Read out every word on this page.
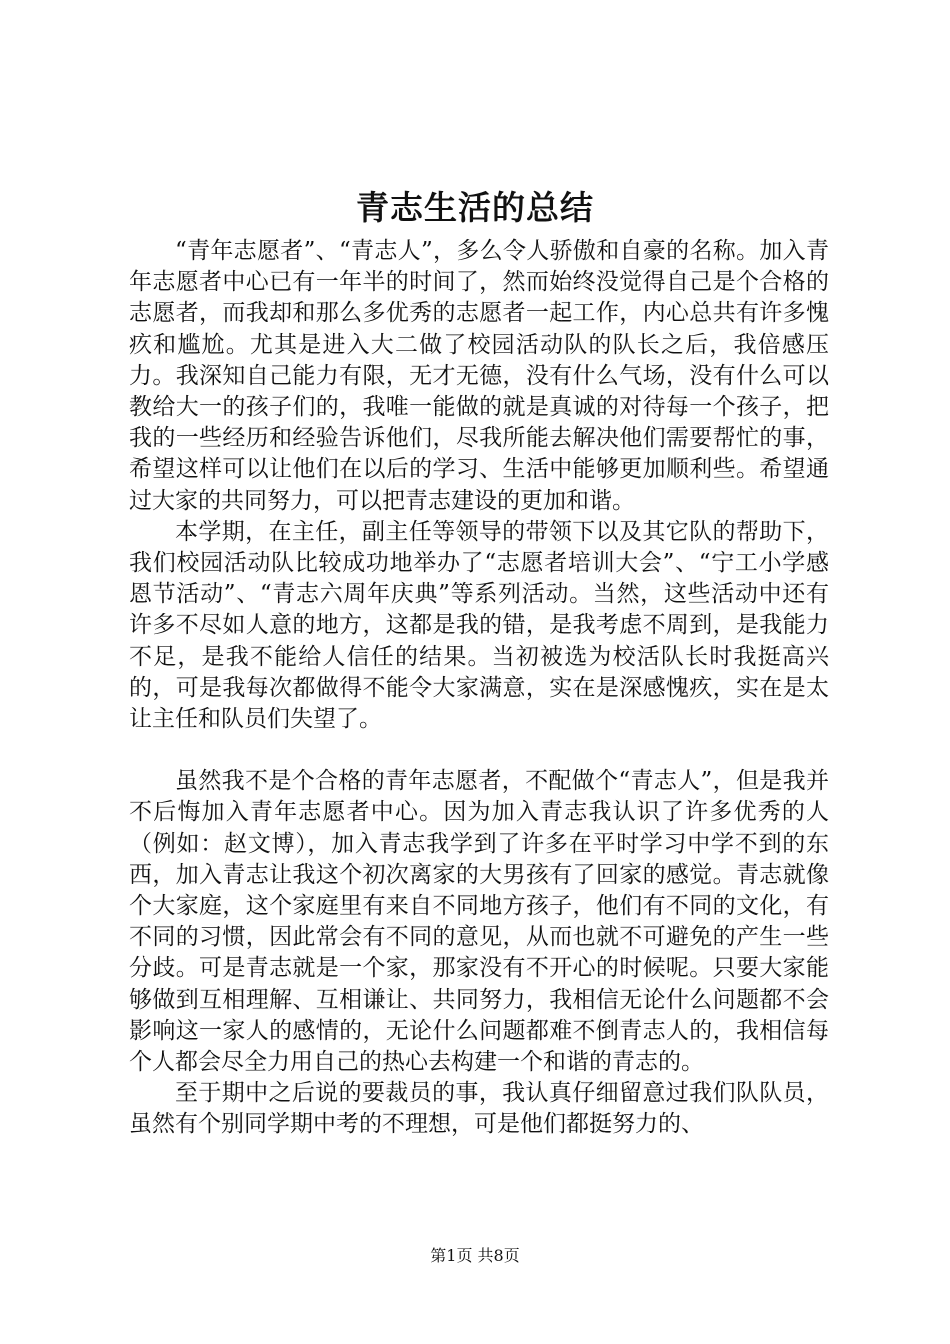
青志生活的总结

“青年志愿者”、“青志人”，多么令人骄傲和自豪的名称。加入青年志愿者中心已有一年半的时间了，然而始终没觉得自己是个合格的志愿者，而我却和那么多优秀的志愿者一起工作，内心总共有许多愧疚和尴尬。尤其是进入大二做了校园活动队的队长之后，我倍感压力。我深知自己能力有限，无才无德，没有什么气场，没有什么可以教给大一的孩子们的，我唯一能做的就是真诚的对待每一个孩子，把我的一些经历和经验告诉他们，尽我所能去解决他们需要帮忙的事，希望这样可以让他们在以后的学习、生活中能够更加顺利些。希望通过大家的共同努力，可以把青志建设的更加和谐。

本学期，在主任，副主任等领导的带领下以及其它队的帮助下，我们校园活动队比较成功地举办了“志愿者培训大会”、“宁工小学感恩节活动”、“青志六周年庆典”等系列活动。当然，这些活动中还有许多不尽如人意的地方，这都是我的错，是我考虑不周到，是我能力不足，是我不能给人信任的结果。当初被选为校活队长时我挺高兴的，可是我每次都做得不能令大家满意，实在是深感愧疚，实在是太让主任和队员们失望了。

虽然我不是个合格的青年志愿者，不配做个“青志人”，但是我并不后悔加入青年志愿者中心。因为加入青志我认识了许多优秀的人（例如：赵文博），加入青志我学到了许多在平时学习中学不到的东西，加入青志让我这个初次离家的大男孩有了回家的感觉。青志就像个大家庭，这个家庭里有来自不同地方孩子，他们有不同的文化，有不同的习惯，因此常会有不同的意见，从而也就不可避免的产生一些分歧。可是青志就是一个家，那家没有不开心的时候呢。只要大家能够做到互相理解、互相谦让、共同努力，我相信无论什么问题都不会影响这一家人的感情的，无论什么问题都难不倒青志人的，我相信每个人都会尽全力用自己的热心去构建一个和谐的青志的。

至于期中之后说的要裁员的事，我认真仔细留意过我们队队员，虽然有个别同学期中考的不理想，可是他们都挺努力的、

第1页 共8页
